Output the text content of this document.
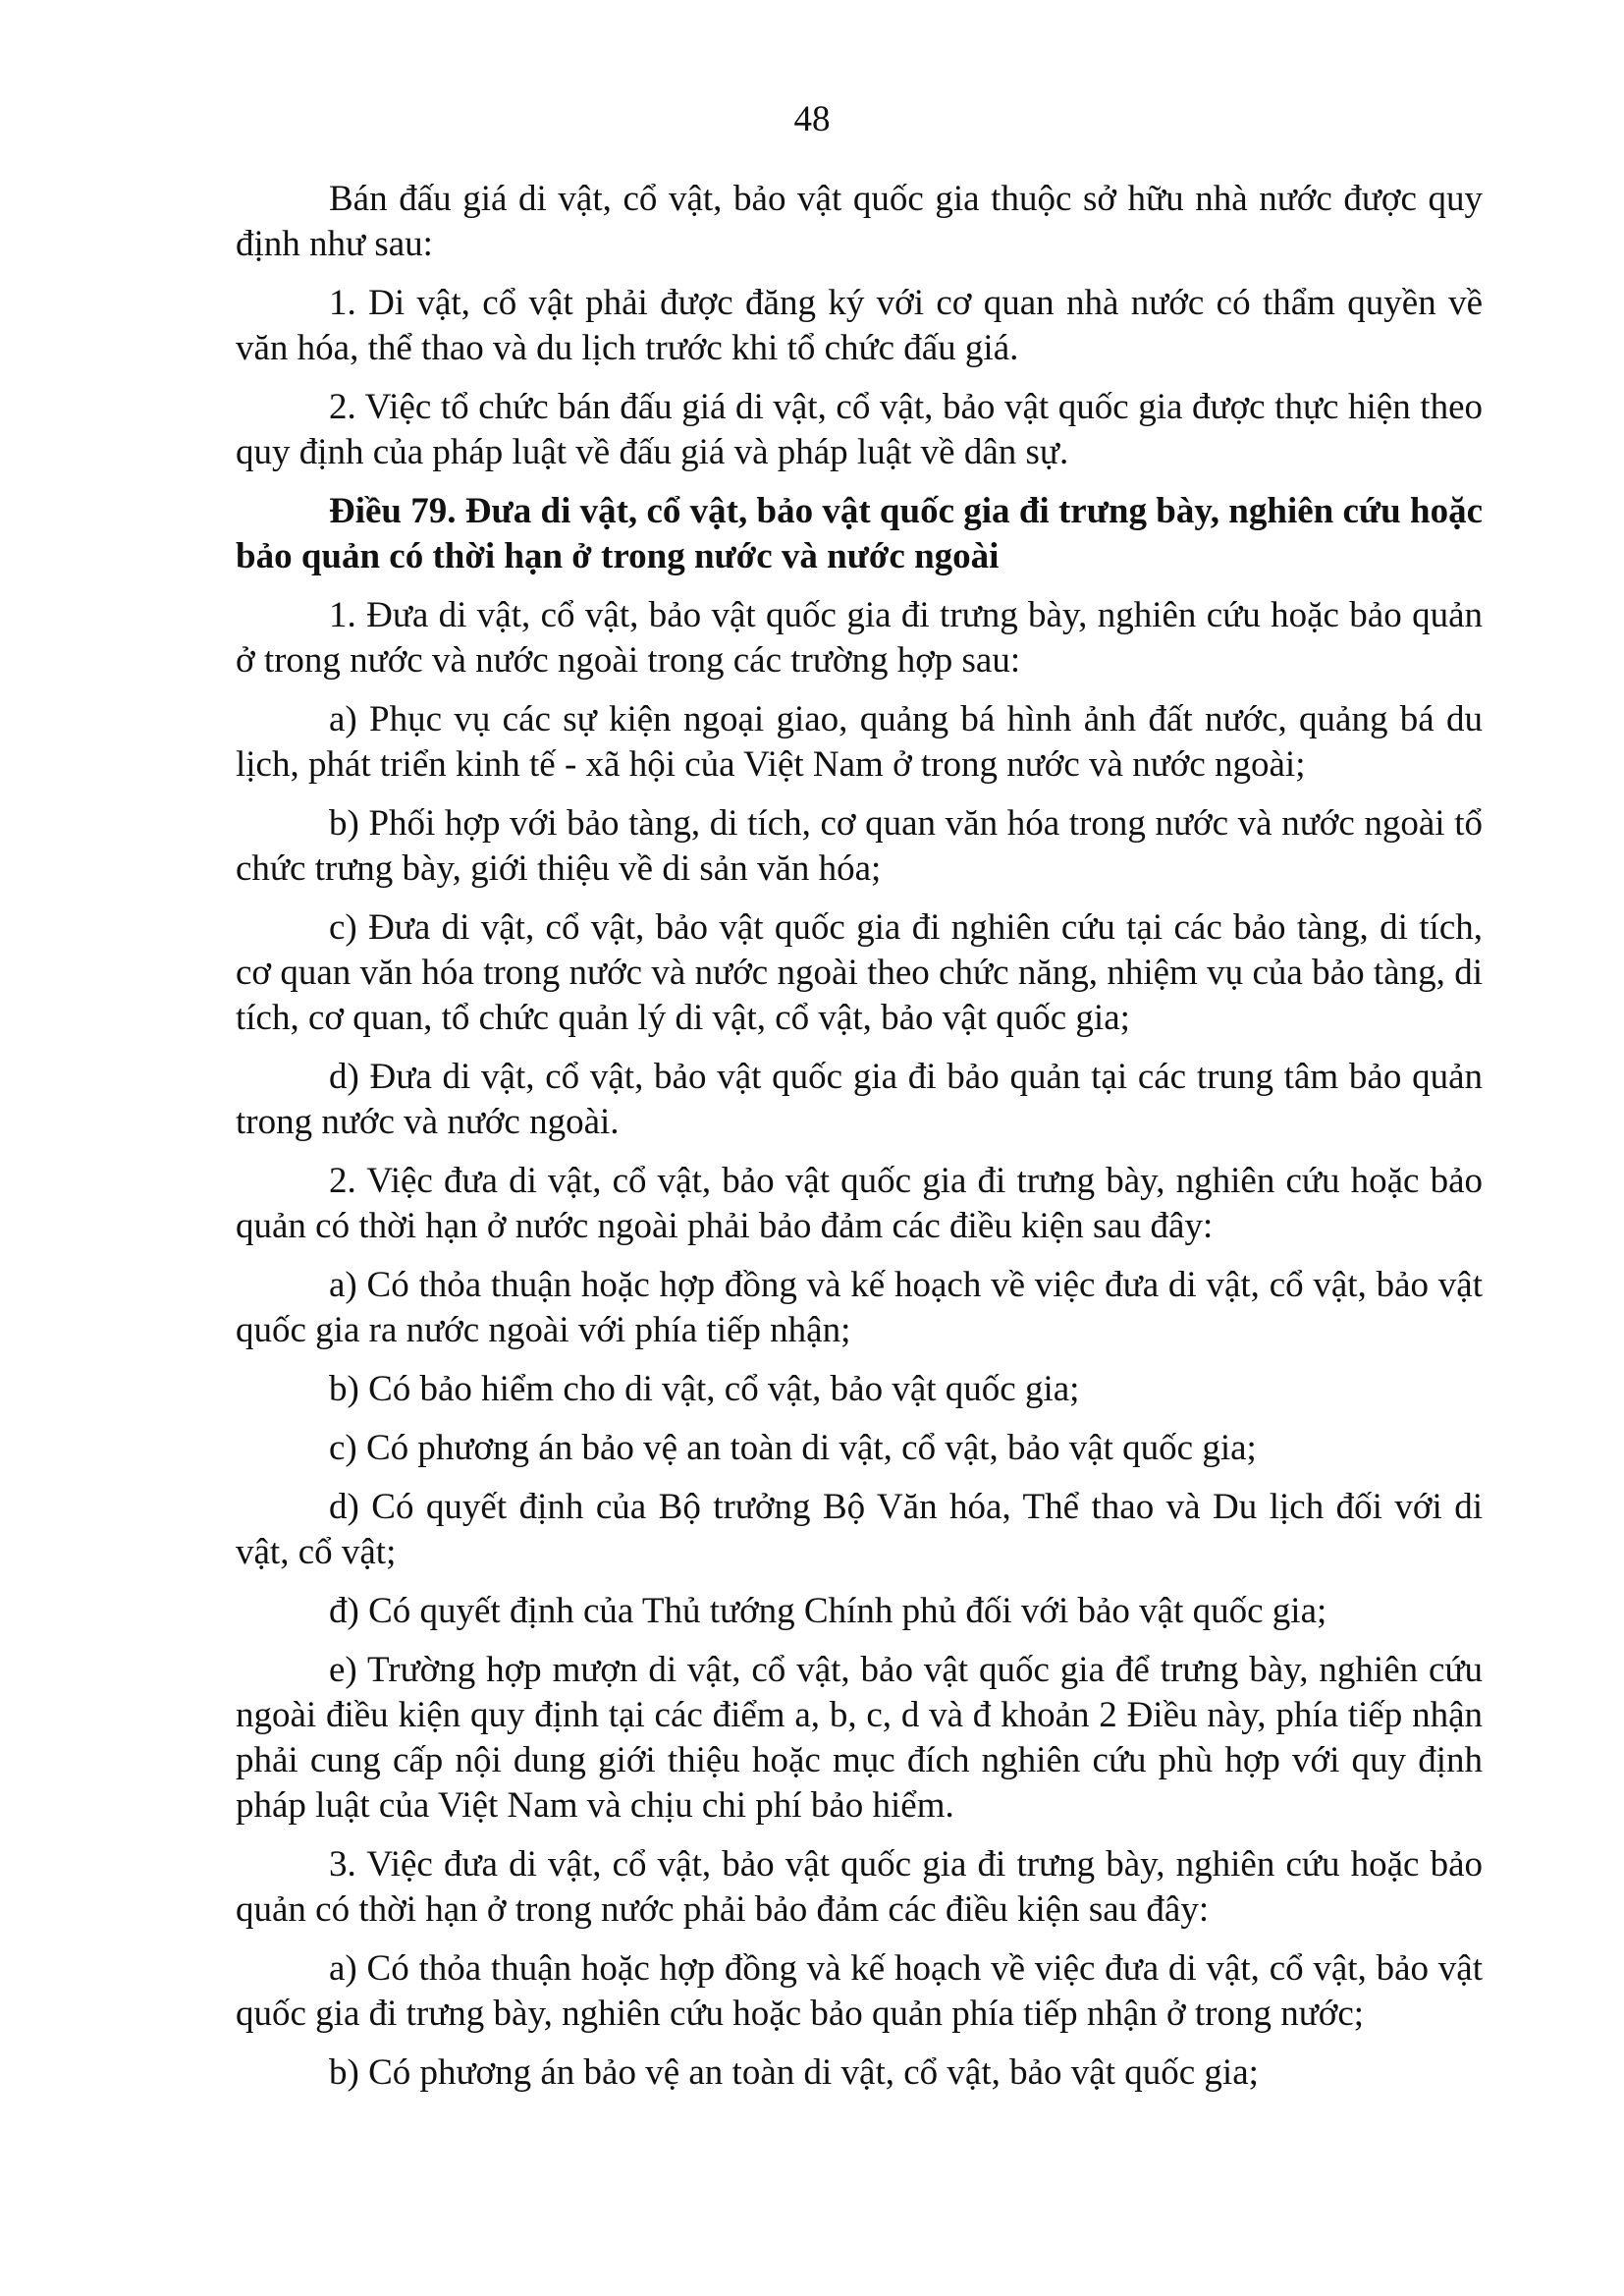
48

Bán đấu giá di vật, cổ vật, bảo vật quốc gia thuộc sở hữu nhà nước được quy định như sau:

1. Di vật, cổ vật phải được đăng ký với cơ quan nhà nước có thẩm quyền về văn hóa, thể thao và du lịch trước khi tổ chức đấu giá.

2. Việc tổ chức bán đấu giá di vật, cổ vật, bảo vật quốc gia được thực hiện theo quy định của pháp luật về đấu giá và pháp luật về dân sự.

Điều 79. Đưa di vật, cổ vật, bảo vật quốc gia đi trưng bày, nghiên cứu hoặc bảo quản có thời hạn ở trong nước và nước ngoài

1. Đưa di vật, cổ vật, bảo vật quốc gia đi trưng bày, nghiên cứu hoặc bảo quản ở trong nước và nước ngoài trong các trường hợp sau:

a) Phục vụ các sự kiện ngoại giao, quảng bá hình ảnh đất nước, quảng bá du lịch, phát triển kinh tế - xã hội của Việt Nam ở trong nước và nước ngoài;

b) Phối hợp với bảo tàng, di tích, cơ quan văn hóa trong nước và nước ngoài tổ chức trưng bày, giới thiệu về di sản văn hóa;

c) Đưa di vật, cổ vật, bảo vật quốc gia đi nghiên cứu tại các bảo tàng, di tích, cơ quan văn hóa trong nước và nước ngoài theo chức năng, nhiệm vụ của bảo tàng, di tích, cơ quan, tổ chức quản lý di vật, cổ vật, bảo vật quốc gia;

d) Đưa di vật, cổ vật, bảo vật quốc gia đi bảo quản tại các trung tâm bảo quản trong nước và nước ngoài.

2. Việc đưa di vật, cổ vật, bảo vật quốc gia đi trưng bày, nghiên cứu hoặc bảo quản có thời hạn ở nước ngoài phải bảo đảm các điều kiện sau đây:

a) Có thỏa thuận hoặc hợp đồng và kế hoạch về việc đưa di vật, cổ vật, bảo vật quốc gia ra nước ngoài với phía tiếp nhận;

b) Có bảo hiểm cho di vật, cổ vật, bảo vật quốc gia;

c) Có phương án bảo vệ an toàn di vật, cổ vật, bảo vật quốc gia;

d) Có quyết định của Bộ trưởng Bộ Văn hóa, Thể thao và Du lịch đối với di vật, cổ vật;

đ) Có quyết định của Thủ tướng Chính phủ đối với bảo vật quốc gia;

e) Trường hợp mượn di vật, cổ vật, bảo vật quốc gia để trưng bày, nghiên cứu ngoài điều kiện quy định tại các điểm a, b, c, d và đ khoản 2 Điều này, phía tiếp nhận phải cung cấp nội dung giới thiệu hoặc mục đích nghiên cứu phù hợp với quy định pháp luật của Việt Nam và chịu chi phí bảo hiểm.

3. Việc đưa di vật, cổ vật, bảo vật quốc gia đi trưng bày, nghiên cứu hoặc bảo quản có thời hạn ở trong nước phải bảo đảm các điều kiện sau đây:

a) Có thỏa thuận hoặc hợp đồng và kế hoạch về việc đưa di vật, cổ vật, bảo vật quốc gia đi trưng bày, nghiên cứu hoặc bảo quản phía tiếp nhận ở trong nước;

b) Có phương án bảo vệ an toàn di vật, cổ vật, bảo vật quốc gia;
